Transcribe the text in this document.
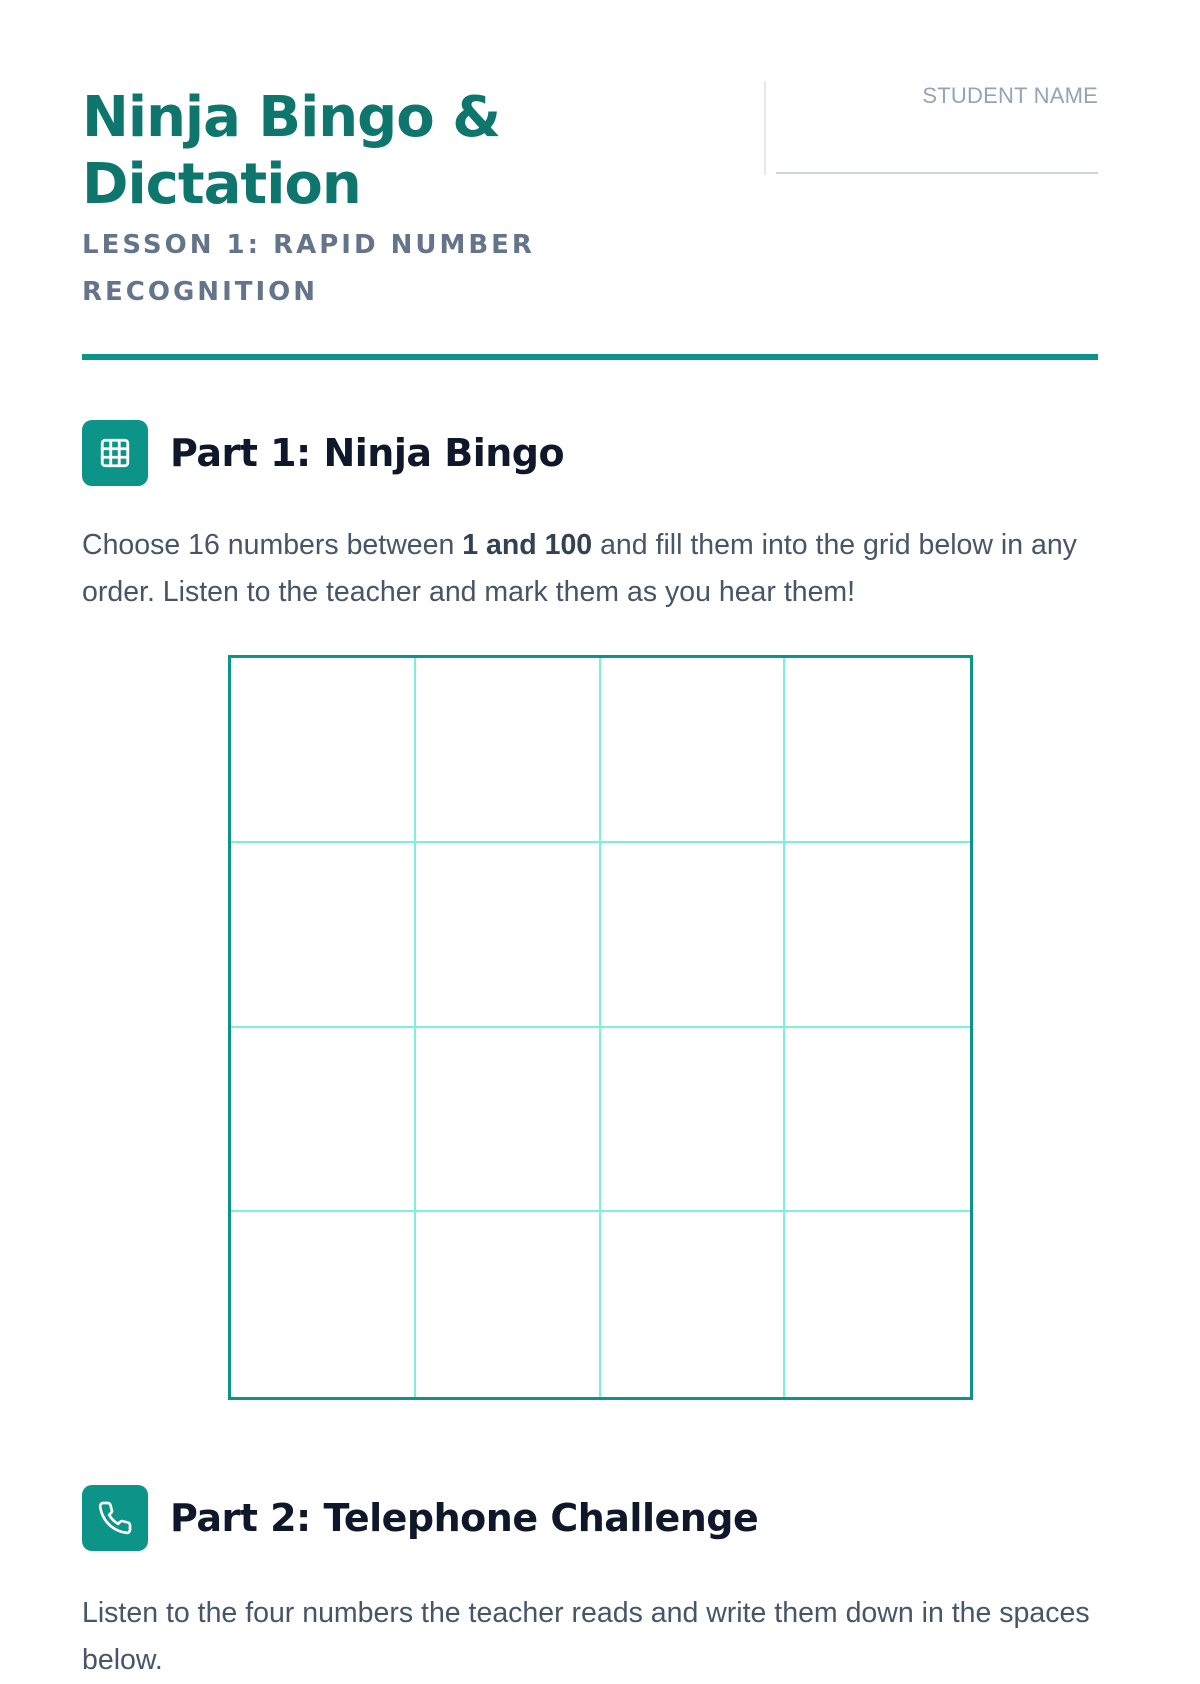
Ninja Bingo & Dictation

LESSON 1: RAPID NUMBER RECOGNITION

STUDENT NAME
Part 1: Ninja Bingo

Choose 16 numbers between 1 and 100 and fill them into the grid below in any order. Listen to the teacher and mark them as you hear them!

Part 2: Telephone Challenge
Listen to the four numbers the teacher reads and write them down in the spaces below.
